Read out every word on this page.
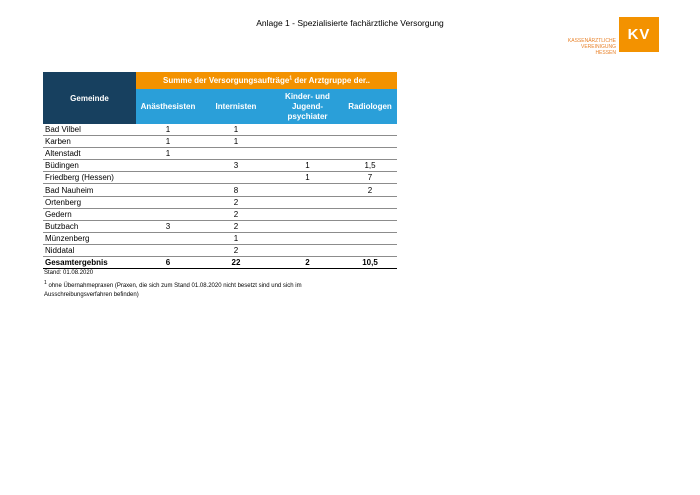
Anlage 1 - Spezialisierte fachärztliche Versorgung
KASSENÄRZTLICHE
VEREINIGUNG
HESSEN
KV
Gemeinde	Summe der Versorgungsaufträge$^1$ der Arztgruppe der..			
	Anästhesisten	Internisten	Kinder- und
Jugend-
psychiater	Radiologen
Bad Vilbel	1	1		
Karben	1	1		
Altenstadt	1			
Büdingen		3	1	1,5
Friedberg (Hessen)			1	7
Bad Nauheim		8		2
Ortenberg		2		
Gedern		2		
Butzbach	3	2		
Münzenberg		1		
Niddatal		2		
Gesamtergebnis	6	22	2	10,5
Stand: 01.08.2020
$^1$ ohne Übernahmepraxen (Praxen, die sich zum Stand 01.08.2020 nicht besetzt sind und sich im Ausschreibungsverfahren befinden)
